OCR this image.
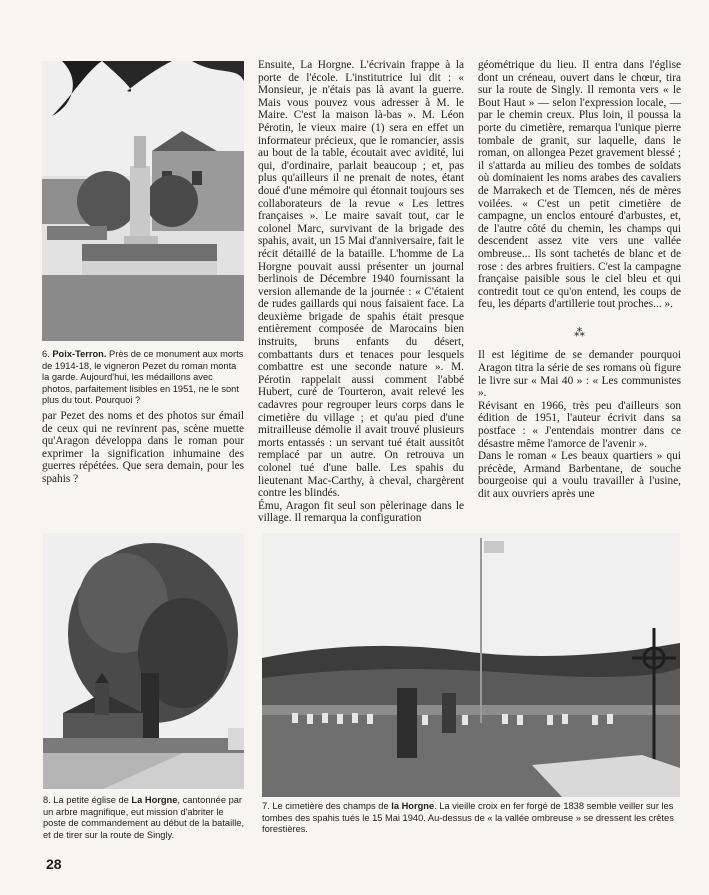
6. Poix-Terron. Près de ce monument aux morts de 1914-18, le vigneron Pezet du roman monta la garde. Aujourd'hui, les médaillons avec photos, parfaitement lisibles en 1951, ne le sont plus du tout. Pourquoi ?

par Pezet des noms et des photos sur émail de ceux qui ne revinrent pas, scène muette qu'Aragon développa dans le roman pour exprimer la signification inhumaine des guerres répétées. Que sera demain, pour les spahis ?

Ensuite, La Horgne. L'écrivain frappe à la porte de l'école. L'institutrice lui dit : « Monsieur, je n'étais pas là avant la guerre. Mais vous pouvez vous adresser à M. le Maire. C'est la maison là-bas ». M. Léon Pérotin, le vieux maire (1) sera en effet un informateur précieux, que le romancier, assis au bout de la table, écoutait avec avidité, lui qui, d'ordinaire, parlait beaucoup ; et, pas plus qu'ailleurs il ne prenait de notes, étant doué d'une mémoire qui étonnait toujours ses collaborateurs de la revue « Les lettres françaises ». Le maire savait tout, car le colonel Marc, survivant de la brigade des spahis, avait, un 15 Mai d'anniversaire, fait le récit détaillé de la bataille. L'homme de La Horgne pouvait aussi présenter un journal berlinois de Décembre 1940 fournissant la version allemande de la journée : « C'étaient de rudes gaillards qui nous faisaient face. La deuxième brigade de spahis était presque entièrement composée de Marocains bien instruits, bruns enfants du désert, combattants durs et tenaces pour lesquels combattre est une seconde nature ». M. Pérotin rappelait aussi comment l'abbé Hubert, curé de Tourteron, avait relevé les cadavres pour regrouper leurs corps dans le cimetière du village ; et qu'au pied d'une mitrailleuse démolie il avait trouvé plusieurs morts entassés : un servant tué était aussitôt remplacé par un autre. On retrouva un colonel tué d'une balle. Les spahis du lieutenant Mac-Carthy, à cheval, chargèrent contre les blindés.

Ému, Aragon fit seul son pèlerinage dans le village. Il remarqua la configuration

géométrique du lieu. Il entra dans l'église dont un créneau, ouvert dans le chœur, tira sur la route de Singly. Il remonta vers « le Bout Haut » — selon l'expression locale, — par le chemin creux. Plus loin, il poussa la porte du cimetière, remarqua l'unique pierre tombale de granit, sur laquelle, dans le roman, on allongea Pezet gravement blessé ; il s'attarda au milieu des tombes de soldats où dominaient les noms arabes des cavaliers de Marrakech et de Tlemcen, nés de mères voilées. « C'est un petit cimetière de campagne, un enclos entouré d'arbustes, et, de l'autre côté du chemin, les champs qui descendent assez vite vers une vallée ombreuse... Ils sont tachetés de blanc et de rose : des arbres fruitiers. C'est la campagne française paisible sous le ciel bleu et qui contredit tout ce qu'on entend, les coups de feu, les départs d'artillerie tout proches... ».

⁂

Il est légitime de se demander pourquoi Aragon titra la série de ses romans où figure le livre sur « Mai 40 » : « Les communistes ».

Révisant en 1966, très peu d'ailleurs son édition de 1951, l'auteur écrivit dans sa postface : « J'entendais montrer dans ce désastre même l'amorce de l'avenir ».

Dans le roman « Les beaux quartiers » qui précède, Armand Barbentane, de souche bourgeoise qui a voulu travailler à l'usine, dit aux ouvriers après une

8. La petite église de La Horgne, cantonnée par un arbre magnifique, eut mission d'abriter le poste de commandement au début de la bataille, et de tirer sur la route de Singly.
7. Le cimetière des champs de la Horgne. La vieille croix en fer forgé de 1838 semble veiller sur les tombes des spahis tués le 15 Mai 1940. Au-dessus de « la vallée ombreuse » se dressent les crêtes forestières.
28
